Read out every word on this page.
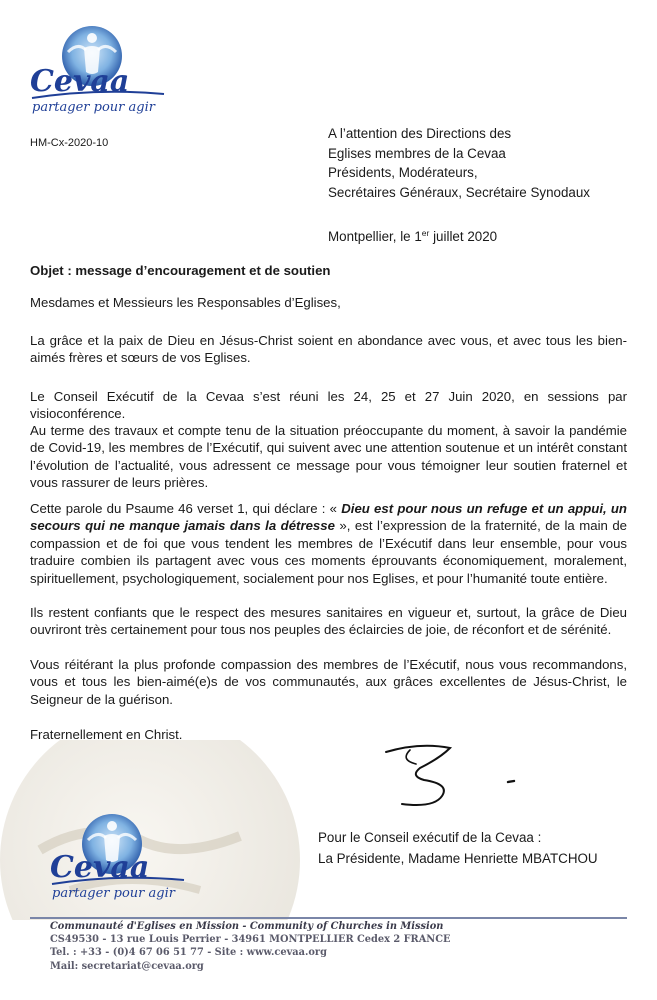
Cevaa
partager pour agir
HM-Cx-2020-10
A l’attention des Directions des
Eglises membres de la Cevaa
Présidents, Modérateurs,
Secrétaires Généraux, Secrétaire Synodaux
Montpellier, le 1er juillet 2020
Objet : message d’encouragement et de soutien
Mesdames et Messieurs les Responsables d’Eglises,
La grâce et la paix de Dieu en Jésus-Christ soient en abondance avec vous, et avec tous les bien-aimés frères et sœurs de vos Eglises.
Le Conseil Exécutif de la Cevaa s’est réuni les 24, 25 et 27 Juin 2020, en sessions par visioconférence.
Au terme des travaux et compte tenu de la situation préoccupante du moment, à savoir la pandémie de Covid-19, les membres de l’Exécutif, qui suivent avec une attention soutenue et un intérêt constant l’évolution de l’actualité, vous adressent ce message pour vous témoigner leur soutien fraternel et vous rassurer de leurs prières.
Cette parole du Psaume 46 verset 1, qui déclare : « Dieu est pour nous un refuge et un appui, un secours qui ne manque jamais dans la détresse », est l’expression de la fraternité, de la main de compassion et de foi que vous tendent les membres de l’Exécutif dans leur ensemble, pour vous traduire combien ils partagent avec vous ces moments éprouvants économiquement, moralement, spirituellement, psychologiquement, socialement pour nos Eglises, et pour l’humanité toute entière.
Ils restent confiants que le respect des mesures sanitaires en vigueur et, surtout, la grâce de Dieu ouvriront très certainement pour tous nos peuples des éclaircies de joie, de réconfort et de sérénité.
Vous réitérant la plus profonde compassion des membres de l’Exécutif, nous vous recommandons, vous et tous les bien-aimé(e)s de vos communautés, aux grâces excellentes de Jésus-Christ, le Seigneur de la guérison.
Fraternellement en Christ.
Cevaa
partager pour agir
Pour le Conseil exécutif de la Cevaa :
La Présidente, Madame Henriette MBATCHOU
Communauté d'Eglises en Mission - Community of Churches in Mission
CS49530 - 13 rue Louis Perrier - 34961 MONTPELLIER Cedex 2 FRANCE
Tel. : +33 - (0)4 67 06 51 77 - Site : www.cevaa.org
Mail: secretariat@cevaa.org
